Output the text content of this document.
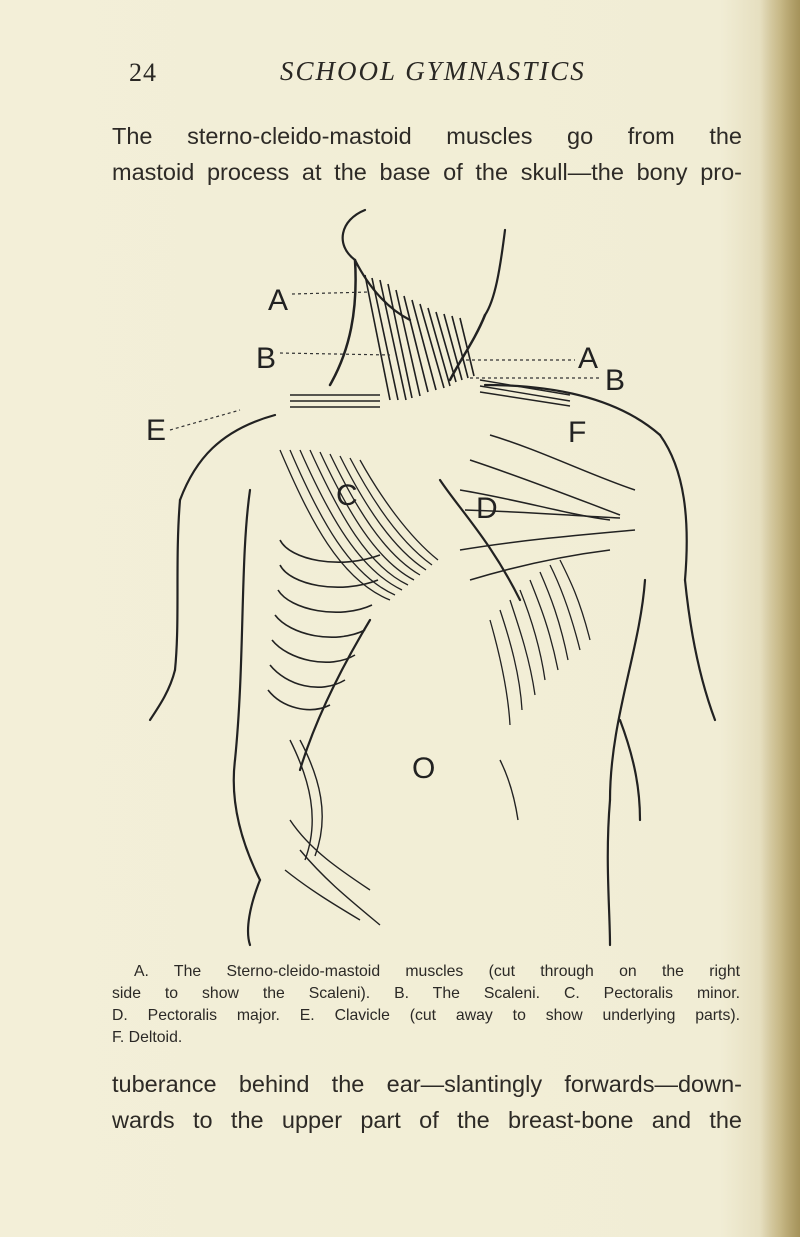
24	SCHOOL GYMNASTICS
The sterno-cleido-mastoid muscles go from the
mastoid process at the base of the skull—the bony pro-
A
B	A
B
E	F
C	D
O
A. The Sterno-cleido-mastoid muscles (cut through on the right
side to show the Scaleni). B. The Scaleni. C. Pectoralis minor.
D. Pectoralis major. E. Clavicle (cut away to show underlying parts).
F. Deltoid.
tuberance behind the ear—slantingly forwards—down-
wards to the upper part of the breast-bone and the
